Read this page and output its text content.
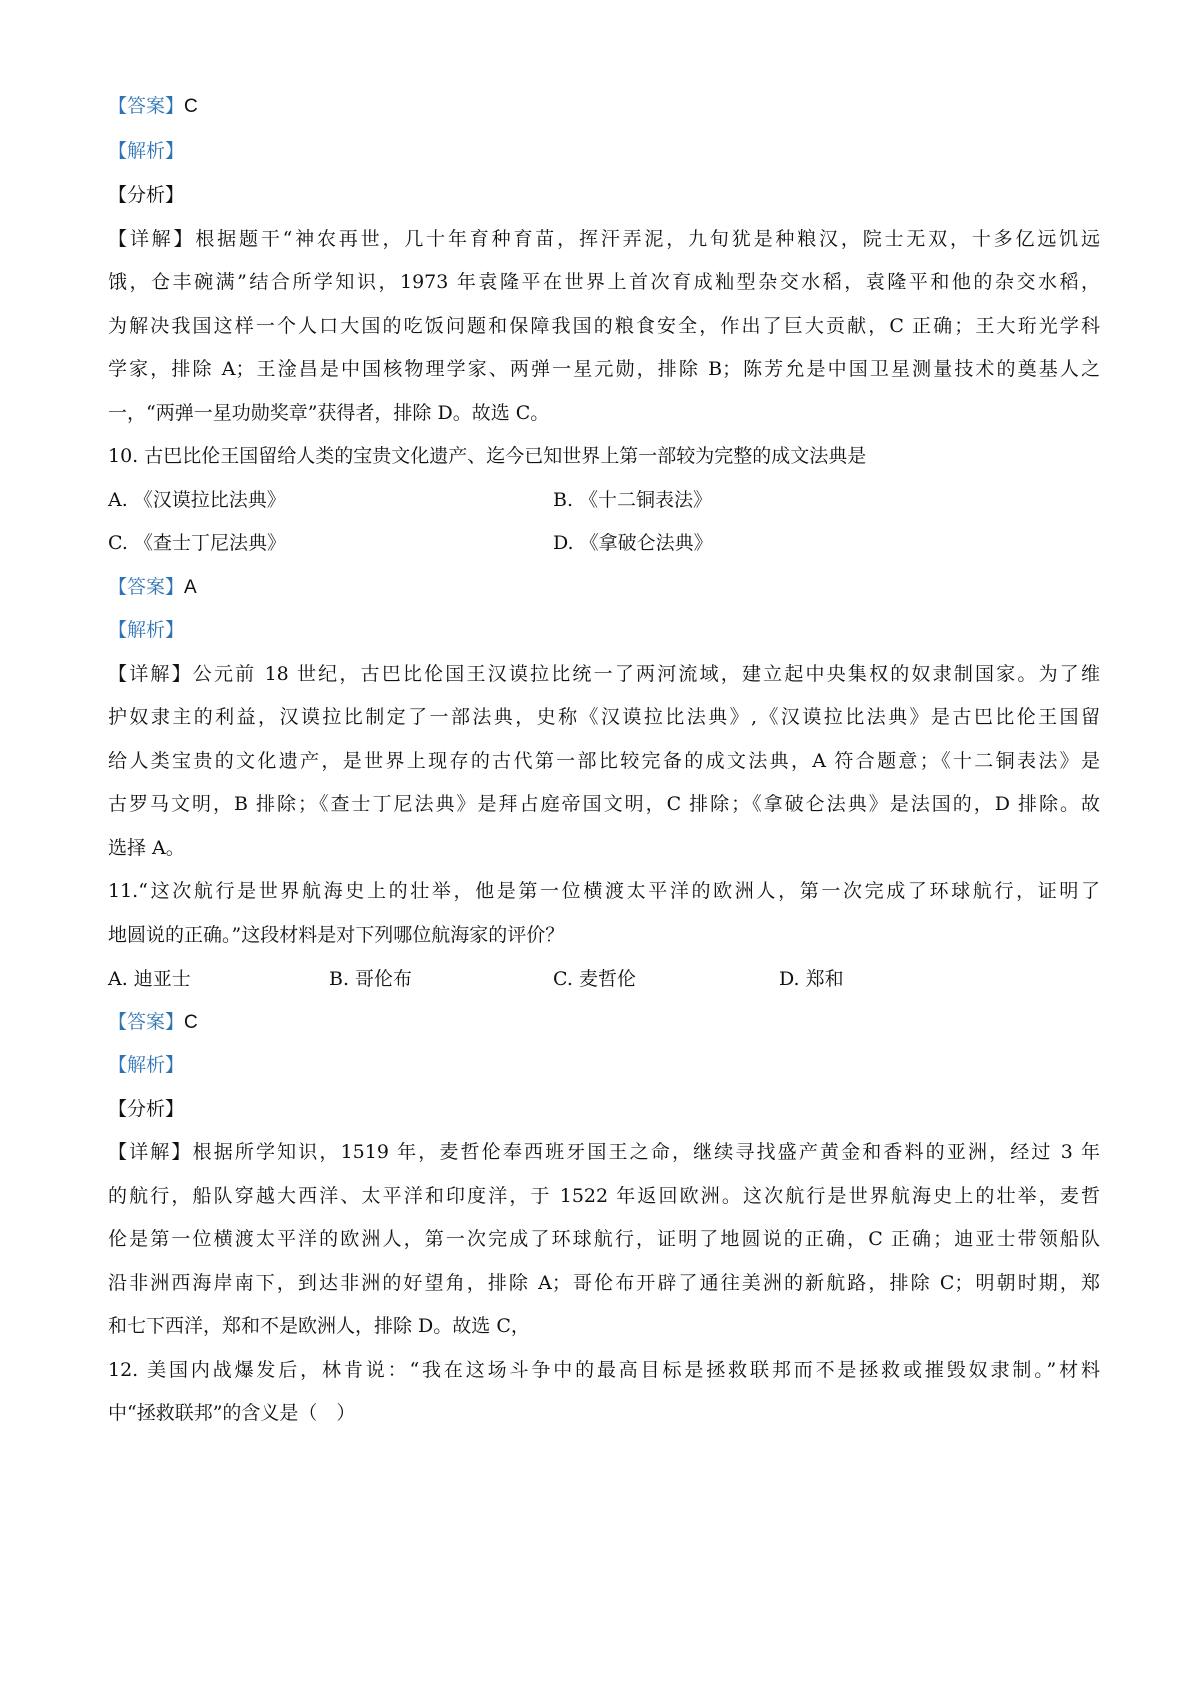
【答案】C
【解析】
【分析】
【详解】根据题干“神农再世，几十年育种育苗，挥汗弄泥，九旬犹是种粮汉，院士无双，十多亿远饥远
饿，仓丰碗满”结合所学知识，1973 年袁隆平在世界上首次育成籼型杂交水稻，袁隆平和他的杂交水稻，
为解决我国这样一个人口大国的吃饭问题和保障我国的粮食安全，作出了巨大贡献，C 正确；王大珩光学科
学家，排除 A；王淦昌是中国核物理学家、两弹一星元勋，排除 B；陈芳允是中国卫星测量技术的奠基人之
一，“两弹一星功勋奖章”获得者，排除 D。故选 C。
10. 古巴比伦王国留给人类的宝贵文化遗产、迄今已知世界上第一部较为完整的成文法典是
A. 《汉谟拉比法典》	B. 《十二铜表法》
C. 《查士丁尼法典》	D. 《拿破仑法典》
【答案】A
【解析】
【详解】公元前 18 世纪，古巴比伦国王汉谟拉比统一了两河流域，建立起中央集权的奴隶制国家。为了维
护奴隶主的利益，汉谟拉比制定了一部法典，史称《汉谟拉比法典》,《汉谟拉比法典》是古巴比伦王国留
给人类宝贵的文化遗产，是世界上现存的古代第一部比较完备的成文法典，A 符合题意；《十二铜表法》是
古罗马文明，B 排除；《查士丁尼法典》是拜占庭帝国文明，C 排除；《拿破仑法典》是法国的，D 排除。故
选择 A。
11.“这次航行是世界航海史上的壮举，他是第一位横渡太平洋的欧洲人，第一次完成了环球航行，证明了
地圆说的正确。”这段材料是对下列哪位航海家的评价？
A. 迪亚士	B. 哥伦布	C. 麦哲伦	D. 郑和
【答案】C
【解析】
【分析】
【详解】根据所学知识，1519 年，麦哲伦奉西班牙国王之命，继续寻找盛产黄金和香料的亚洲，经过 3 年
的航行，船队穿越大西洋、太平洋和印度洋，于 1522 年返回欧洲。这次航行是世界航海史上的壮举，麦哲
伦是第一位横渡太平洋的欧洲人，第一次完成了环球航行，证明了地圆说的正确，C 正确；迪亚士带领船队
沿非洲西海岸南下，到达非洲的好望角，排除 A；哥伦布开辟了通往美洲的新航路，排除 C；明朝时期，郑
和七下西洋，郑和不是欧洲人，排除 D。故选 C，
12. 美国内战爆发后，林肯说：“我在这场斗争中的最高目标是拯救联邦而不是拯救或摧毁奴隶制。”材料
中“拯救联邦”的含义是（　）
